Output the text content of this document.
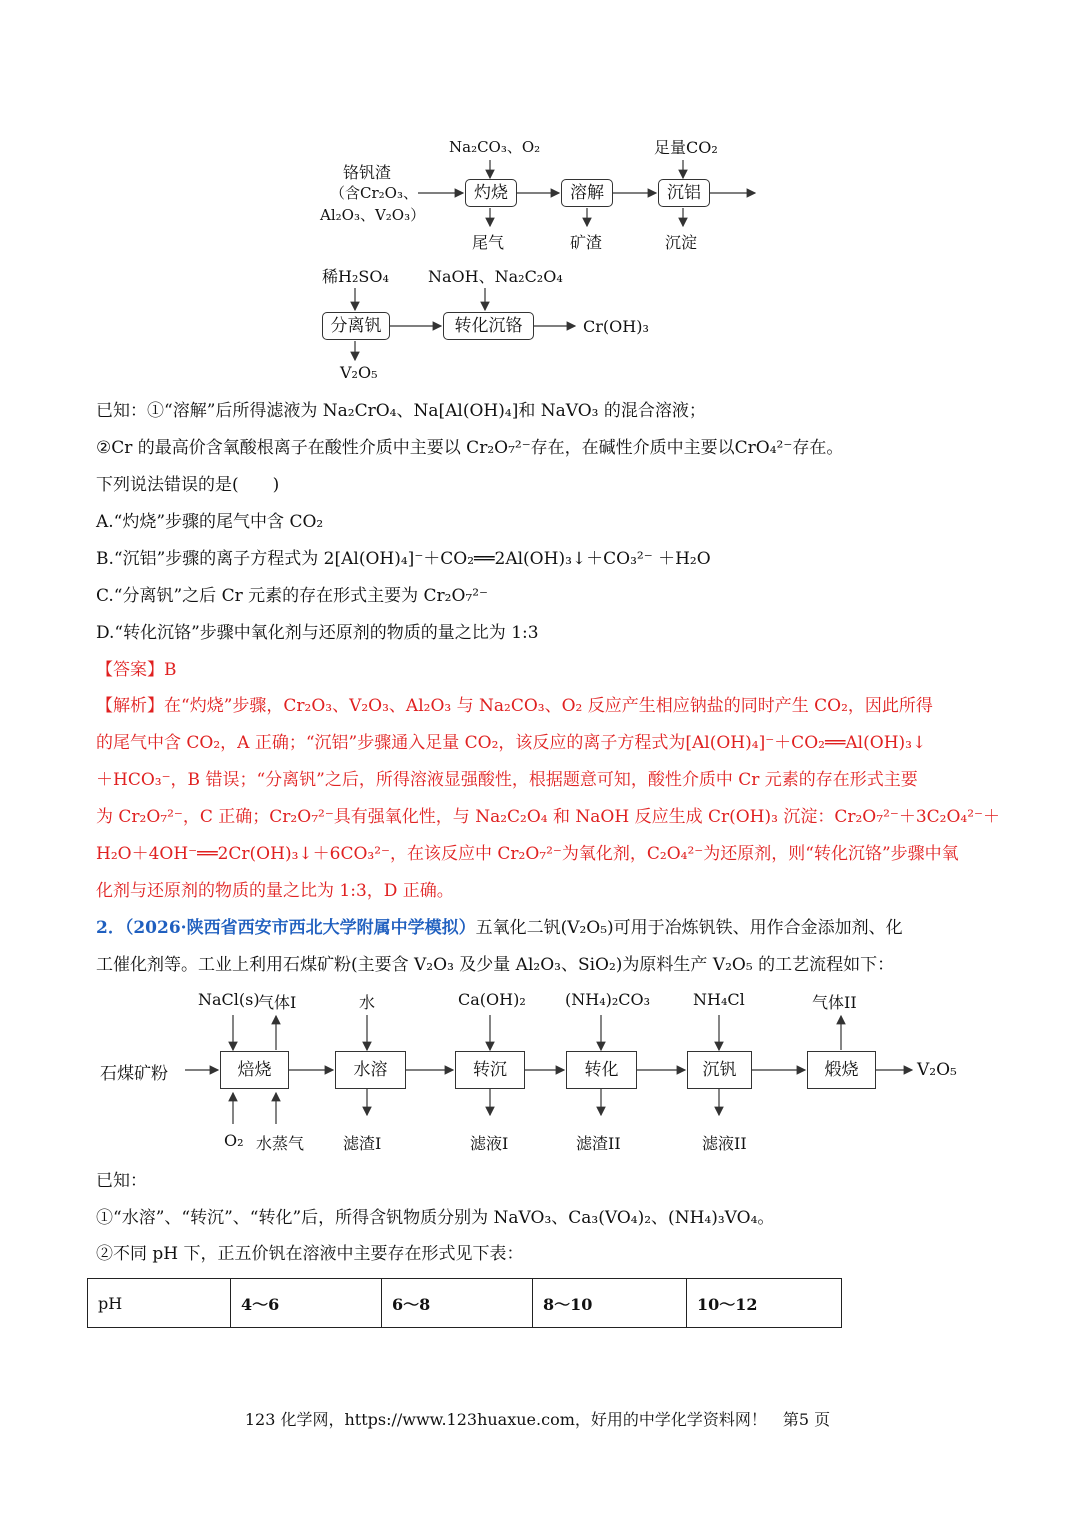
铬钒渣
（含Cr₂O₃、
Al₂O₃、V₂O₃）
Na₂CO₃、O₂	足量CO₂
灼烧	溶解	沉铝
尾气	矿渣	沉淀
稀H₂SO₄ NaOH、Na₂C₂O₄
分离钒	转化沉铬	Cr(OH)₃
V₂O₅
已知：①“溶解”后所得滤液为 Na₂CrO₄、Na[Al(OH)₄]和 NaVO₃ 的混合溶液；
②Cr 的最高价含氧酸根离子在酸性介质中主要以 Cr₂O₇²⁻存在，在碱性介质中主要以CrO₄²⁻存在。
下列说法错误的是(　　)
A.“灼烧”步骤的尾气中含 CO₂
B.“沉铝”步骤的离子方程式为 2[Al(OH)₄]⁻＋CO₂══2Al(OH)₃↓＋CO₃²⁻ ＋H₂O
C.“分离钒”之后 Cr 元素的存在形式主要为 Cr₂O₇²⁻
D.“转化沉铬”步骤中氧化剂与还原剂的物质的量之比为 1:3
【答案】B
【解析】在“灼烧”步骤，Cr₂O₃、V₂O₃、Al₂O₃ 与 Na₂CO₃、O₂ 反应产生相应钠盐的同时产生 CO₂，因此所得
的尾气中含 CO₂，A 正确；“沉铝”步骤通入足量 CO₂，该反应的离子方程式为[Al(OH)₄]⁻＋CO₂══Al(OH)₃↓
＋HCO₃⁻，B 错误；“分离钒”之后，所得溶液显强酸性，根据题意可知，酸性介质中 Cr 元素的存在形式主要
为 Cr₂O₇²⁻，C 正确；Cr₂O₇²⁻具有强氧化性，与 Na₂C₂O₄ 和 NaOH 反应生成 Cr(OH)₃ 沉淀：Cr₂O₇²⁻＋3C₂O₄²⁻＋
H₂O＋4OH⁻══2Cr(OH)₃↓＋6CO₃²⁻，在该反应中 Cr₂O₇²⁻为氧化剂，C₂O₄²⁻为还原剂，则“转化沉铬”步骤中氧
化剂与还原剂的物质的量之比为 1:3，D 正确。
2．（2026·陕西省西安市西北大学附属中学模拟）五氧化二钒(V₂O₅)可用于冶炼钒铁、用作合金添加剂、化
工催化剂等。工业上利用石煤矿粉(主要含 V₂O₃ 及少量 Al₂O₃、SiO₂)为原料生产 V₂O₅ 的工艺流程如下：
石煤矿粉
NaCl(s)
气体I	水	Ca(OH)₂ (NH₄)₂CO₃	NH₄Cl	气体II
焙烧	水溶	转沉	转化	沉钒	煅烧	V₂O₅
O₂ 水蒸气 滤渣I	滤液I	滤渣II	滤液II
已知：
①“水溶”、“转沉”、“转化”后，所得含钒物质分别为 NaVO₃、Ca₃(VO₄)₂、(NH₄)₃VO₄。
②不同 pH 下，正五价钒在溶液中主要存在形式见下表：
pH	4～6	6～8	8～10	10～12
123 化学网，https://www.123huaxue.com，好用的中学化学资料网！　第5 页
